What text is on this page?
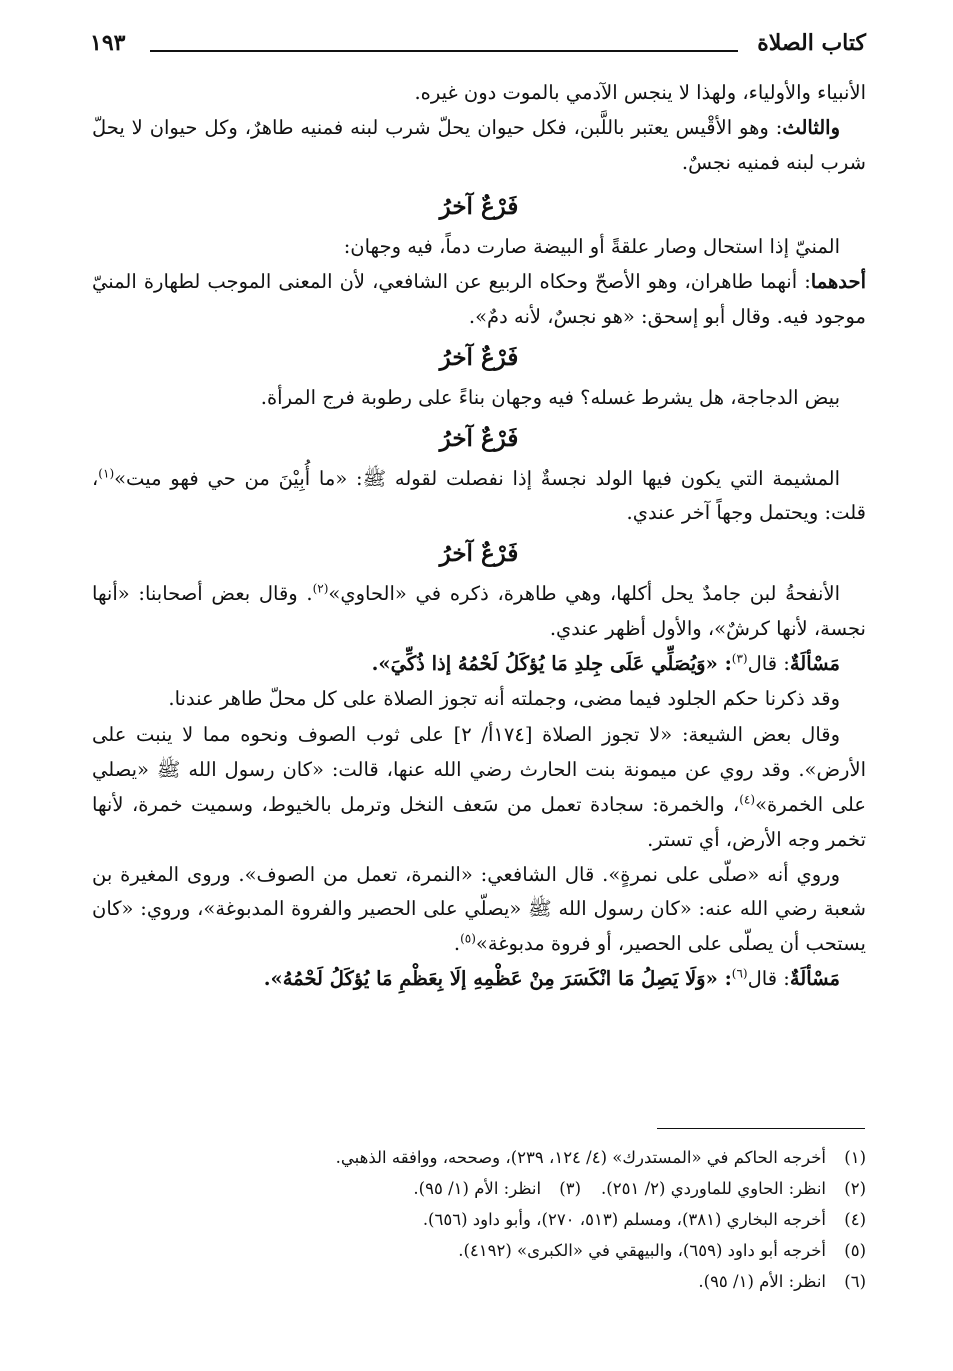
كتاب الصلاة
١٩٣

الأنبياء والأولياء، ولهذا لا ينجس الآدمي بالموت دون غيره.

والثالث: وهو الأقْيس يعتبر باللَّبن، فكل حيوان يحلّ شرب لبنه فمنيه طاهرٌ، وكل حيوان لا يحلّ شرب لبنه فمنيه نجسٌ.

فَرْعٌ آخرُ

المنيّ إذا استحال وصار علقةً أو البيضة صارت دماً، فيه وجهان:

أحدهما: أنهما طاهران، وهو الأصحّ وحكاه الربيع عن الشافعي، لأن المعنى الموجب لطهارة المنيّ موجود فيه. وقال أبو إسحق: «هو نجسٌ، لأنه دمٌ».

فَرْعٌ آخرُ

بيض الدجاجة، هل يشرط غسله؟ فيه وجهان بناءً على رطوبة فرج المرأة.

فَرْعٌ آخرُ

المشيمة التي يكون فيها الولد نجسةٌ إذا نفصلت لقوله ﷺ: «ما أُبِيْنَ من حي فهو ميت»$^{(١)}$، قلت: ويحتمل وجهاً آخر عندي.

فَرْعٌ آخرُ

الأنفحةُ لبن جامدٌ يحل أكلها، وهي طاهرة، ذكره في «الحاوي»$^{(٢)}$. وقال بعض أصحابنا: «أنها نجسة، لأنها كرشٌ»، والأول أظهر عندي.

مَسْألَةٌ: قال$^{(٣)}$: «وَيُصَلِّي عَلَى جِلدِ مَا يُؤكَلُ لَحْمُهُ إذا ذُكِّيَ».

وقد ذكرنا حكم الجلود فيما مضى، وجملته أنه تجوز الصلاة على كل محلّ طاهر عندنا.

وقال بعض الشيعة: «لا تجوز الصلاة [١٧٤أ/ ٢] على ثوب الصوف ونحوه مما لا ينبت على الأرض». وقد روي عن ميمونة بنت الحارث رضي الله عنها، قالت: «كان رسول الله ﷺ «يصلي على الخمرة»$^{(٤)}$، والخمرة: سجادة تعمل من سَعف النخل وترمل بالخيوط، وسميت خمرة، لأنها تخمر وجه الأرض، أي تستر.

وروي أنه «صلّى على نمرةٍ». قال الشافعي: «النمرة، تعمل من الصوف». وروى المغيرة بن شعبة رضي الله عنه: «كان رسول الله ﷺ «يصلّي على الحصير والفروة المدبوغة»، وروي: «كان يستحب أن يصلّى على الحصير، أو فروة مدبوغة»$^{(٥)}$.

مَسْألَةٌ: قال$^{(٦)}$: «وَلَا يَصِلُ مَا انْكَسَرَ مِنْ عَظْمِهِ إلَا بِعَظْمِ مَا يُؤكَلُ لَحْمُهُ».

(١)أخرجه الحاكم في «المستدرك» (٤/ ١٢٤، ٢٣٩)، وصححه، ووافقه الذهبي.
(٢)انظر: الحاوي للماوردي (٢/ ٢٥١).(٣)انظر: الأم (١/ ٩٥).
(٤)أخرجه البخاري (٣٨١)، ومسلم (٥١٣، ٢٧٠)، وأبو داود (٦٥٦).
(٥)أخرجه أبو داود (٦٥٩)، والبيهقي في «الكبرى» (٤١٩٢).
(٦)انظر: الأم (١/ ٩٥).
